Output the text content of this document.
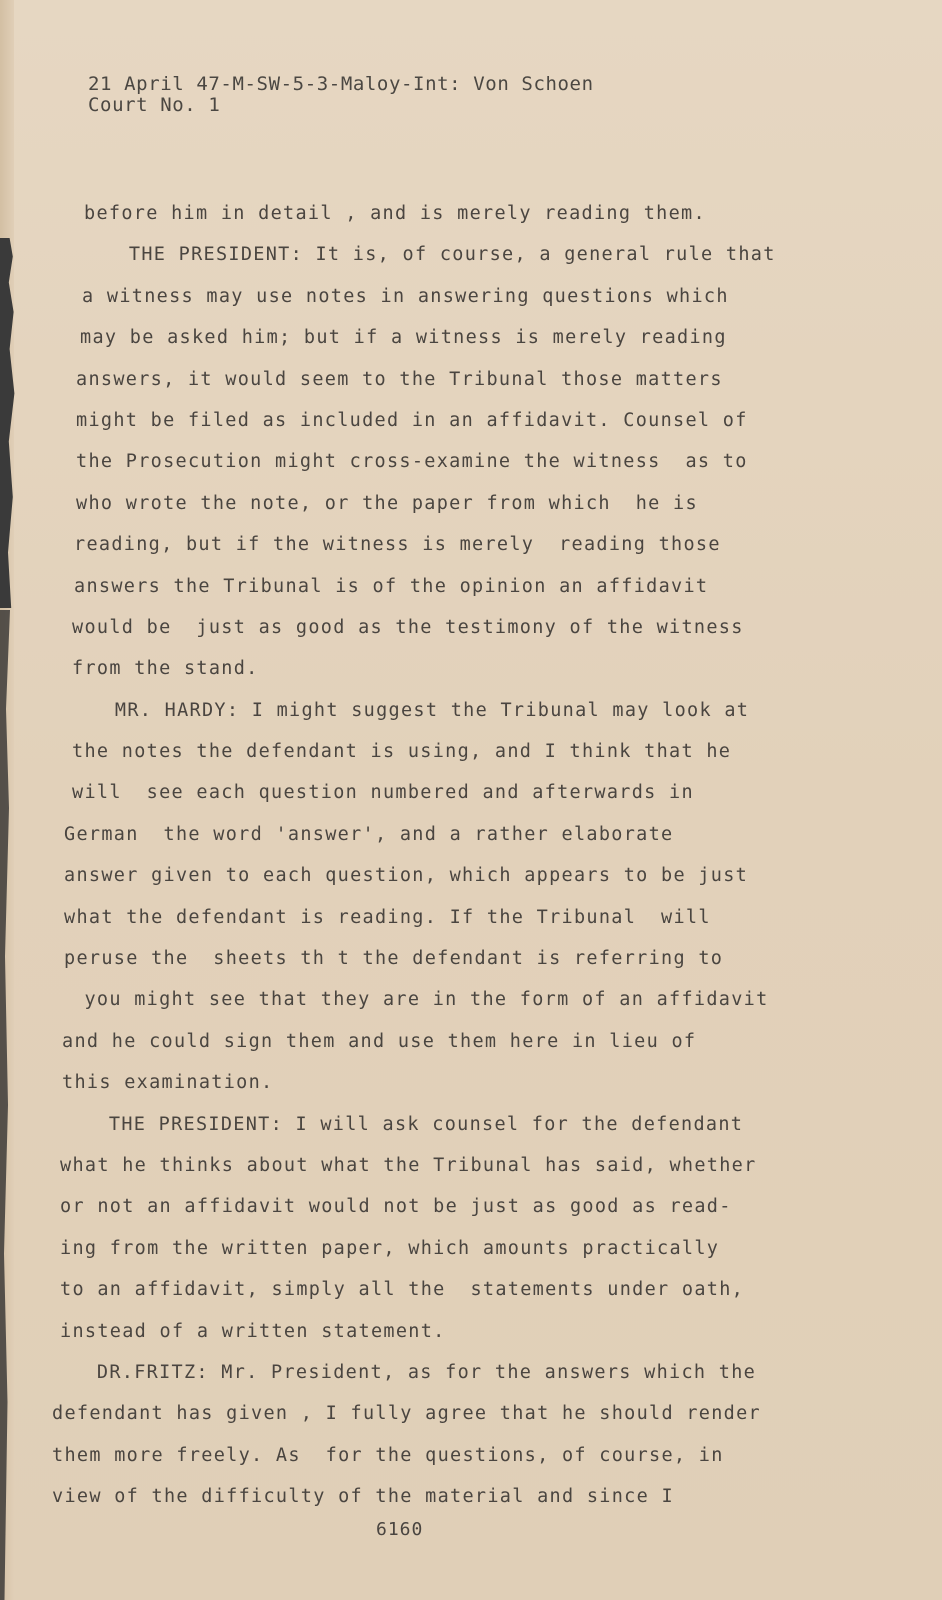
21 April 47-M-SW-5-3-Maloy-Int: Von Schoen
Court No. 1
before him in detail , and is merely reading them.
THE PRESIDENT: It is, of course, a general rule that
a witness may use notes in answering questions which
may be asked him; but if a witness is merely reading
answers, it would seem to the Tribunal those matters
might be filed as included in an affidavit. Counsel of
the Prosecution might cross-examine the witness  as to
who wrote the note, or the paper from which  he is
reading, but if the witness is merely  reading those
answers the Tribunal is of the opinion an affidavit
would be  just as good as the testimony of the witness
from the stand.
MR. HARDY: I might suggest the Tribunal may look at
the notes the defendant is using, and I think that he
will  see each question numbered and afterwards in
German  the word 'answer', and a rather elaborate
answer given to each question, which appears to be just
what the defendant is reading. If the Tribunal  will
peruse the  sheets th t the defendant is referring to
you might see that they are in the form of an affidavit
and he could sign them and use them here in lieu of
this examination.
THE PRESIDENT: I will ask counsel for the defendant
what he thinks about what the Tribunal has said, whether
or not an affidavit would not be just as good as read-
ing from the written paper, which amounts practically
to an affidavit, simply all the  statements under oath,
instead of a written statement.
DR.FRITZ: Mr. President, as for the answers which the
defendant has given , I fully agree that he should render
them more freely. As  for the questions, of course, in
view of the difficulty of the material and since I
6160
